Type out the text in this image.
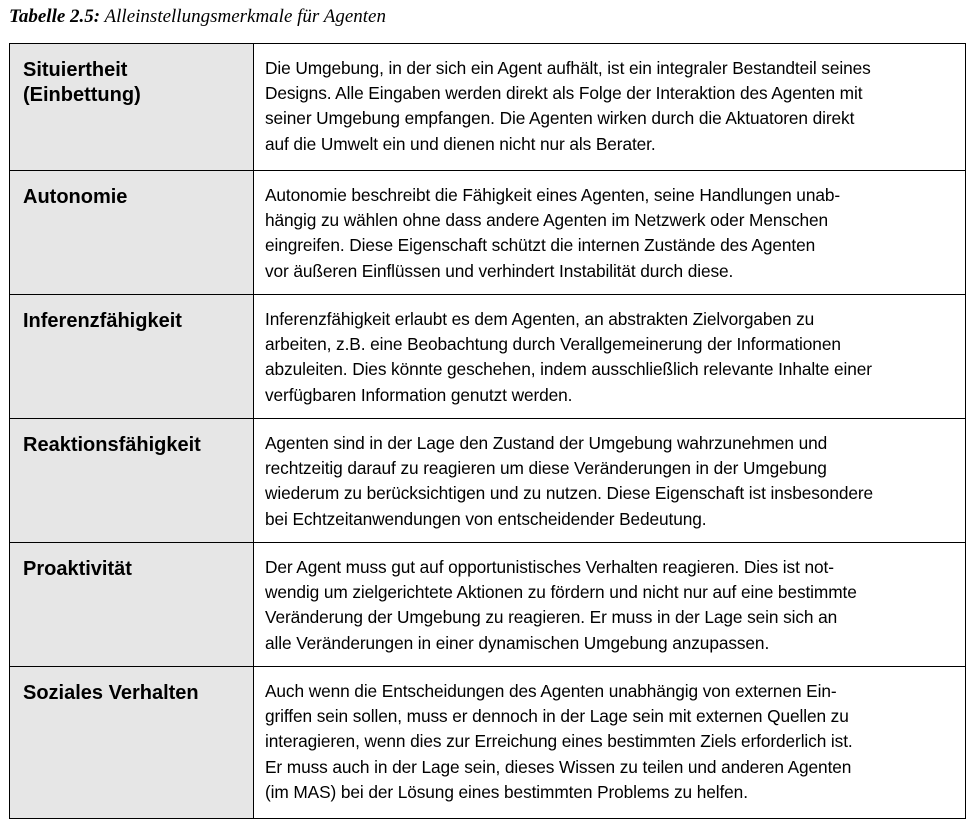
Tabelle 2.5: Alleinstellungsmerkmale für Agenten
Situiertheit
(Einbettung)	Die Umgebung, in der sich ein Agent aufhält, ist ein integraler Bestandteil seines
Designs. Alle Eingaben werden direkt als Folge der Interaktion des Agenten mit
seiner Umgebung empfangen. Die Agenten wirken durch die Aktuatoren direkt
auf die Umwelt ein und dienen nicht nur als Berater.
Autonomie	Autonomie beschreibt die Fähigkeit eines Agenten, seine Handlungen unab-
hängig zu wählen ohne dass andere Agenten im Netzwerk oder Menschen
eingreifen. Diese Eigenschaft schützt die internen Zustände des Agenten
vor äußeren Einflüssen und verhindert Instabilität durch diese.
Inferenzfähigkeit	Inferenzfähigkeit erlaubt es dem Agenten, an abstrakten Zielvorgaben zu
arbeiten, z.B. eine Beobachtung durch Verallgemeinerung der Informationen
abzuleiten. Dies könnte geschehen, indem ausschließlich relevante Inhalte einer
verfügbaren Information genutzt werden.
Reaktionsfähigkeit	Agenten sind in der Lage den Zustand der Umgebung wahrzunehmen und
rechtzeitig darauf zu reagieren um diese Veränderungen in der Umgebung
wiederum zu berücksichtigen und zu nutzen. Diese Eigenschaft ist insbesondere
bei Echtzeitanwendungen von entscheidender Bedeutung.
Proaktivität	Der Agent muss gut auf opportunistisches Verhalten reagieren. Dies ist not-
wendig um zielgerichtete Aktionen zu fördern und nicht nur auf eine bestimmte
Veränderung der Umgebung zu reagieren. Er muss in der Lage sein sich an
alle Veränderungen in einer dynamischen Umgebung anzupassen.
Soziales Verhalten	Auch wenn die Entscheidungen des Agenten unabhängig von externen Ein-
griffen sein sollen, muss er dennoch in der Lage sein mit externen Quellen zu
interagieren, wenn dies zur Erreichung eines bestimmten Ziels erforderlich ist.
Er muss auch in der Lage sein, dieses Wissen zu teilen und anderen Agenten
(im MAS) bei der Lösung eines bestimmten Problems zu helfen.
